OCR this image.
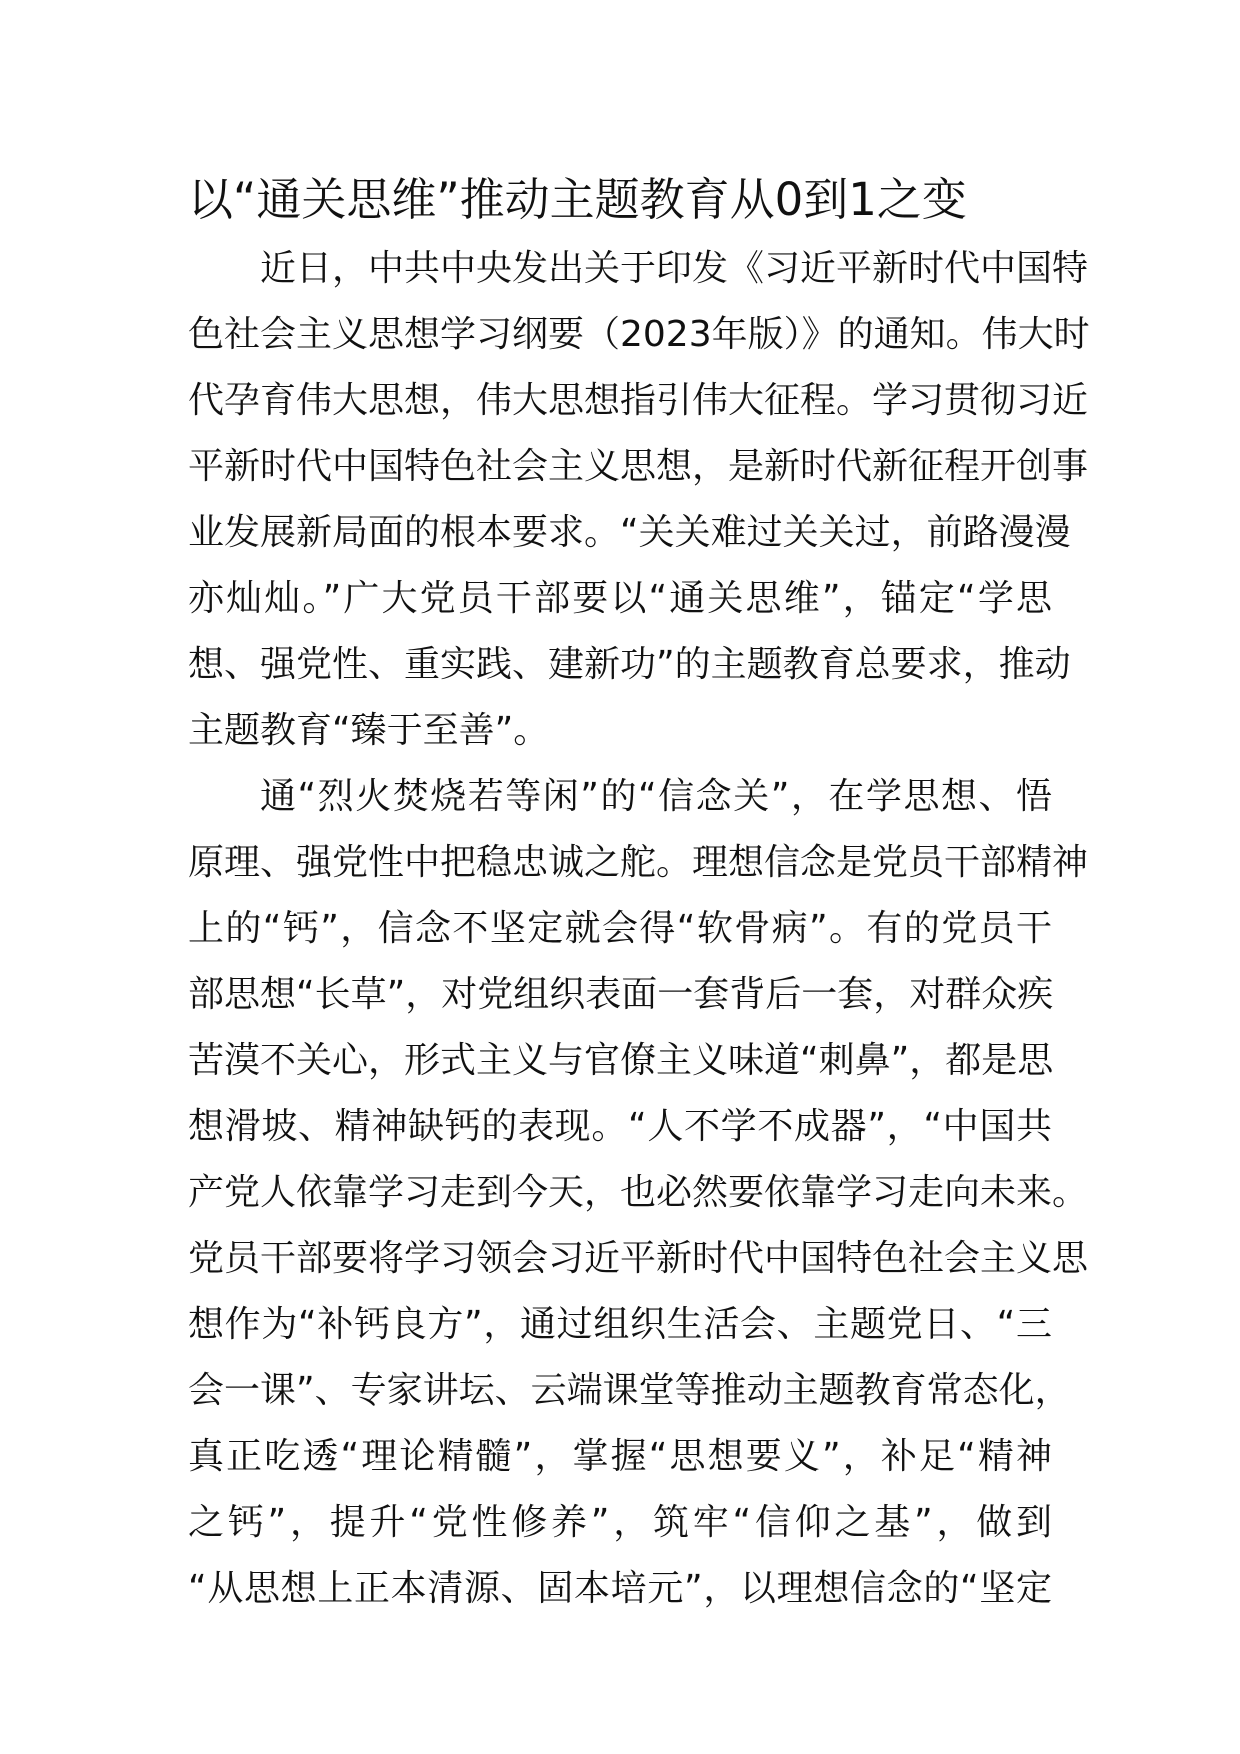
以“通关思维”推动主题教育从0到1之变
近日，中共中央发出关于印发《习近平新时代中国特
色社会主义思想学习纲要（2023年版）》的通知。伟大时
代孕育伟大思想，伟大思想指引伟大征程。学习贯彻习近
平新时代中国特色社会主义思想，是新时代新征程开创事
业发展新局面的根本要求。“关关难过关关过，前路漫漫
亦灿灿。”广大党员干部要以“通关思维”，锚定“学思
想、强党性、重实践、建新功”的主题教育总要求，推动
主题教育“臻于至善”。
通“烈火焚烧若等闲”的“信念关”，在学思想、悟
原理、强党性中把稳忠诚之舵。理想信念是党员干部精神
上的“钙”，信念不坚定就会得“软骨病”。有的党员干
部思想“长草”，对党组织表面一套背后一套，对群众疾
苦漠不关心，形式主义与官僚主义味道“刺鼻”，都是思
想滑坡、精神缺钙的表现。“人不学不成器”，“中国共
产党人依靠学习走到今天，也必然要依靠学习走向未来。
党员干部要将学习领会习近平新时代中国特色社会主义思
想作为“补钙良方”，通过组织生活会、主题党日、“三
会一课”、专家讲坛、云端课堂等推动主题教育常态化，
真正吃透“理论精髓”，掌握“思想要义”，补足“精神
之钙”，提升“党性修养”，筑牢“信仰之基”，做到
“从思想上正本清源、固本培元”，以理想信念的“坚定
